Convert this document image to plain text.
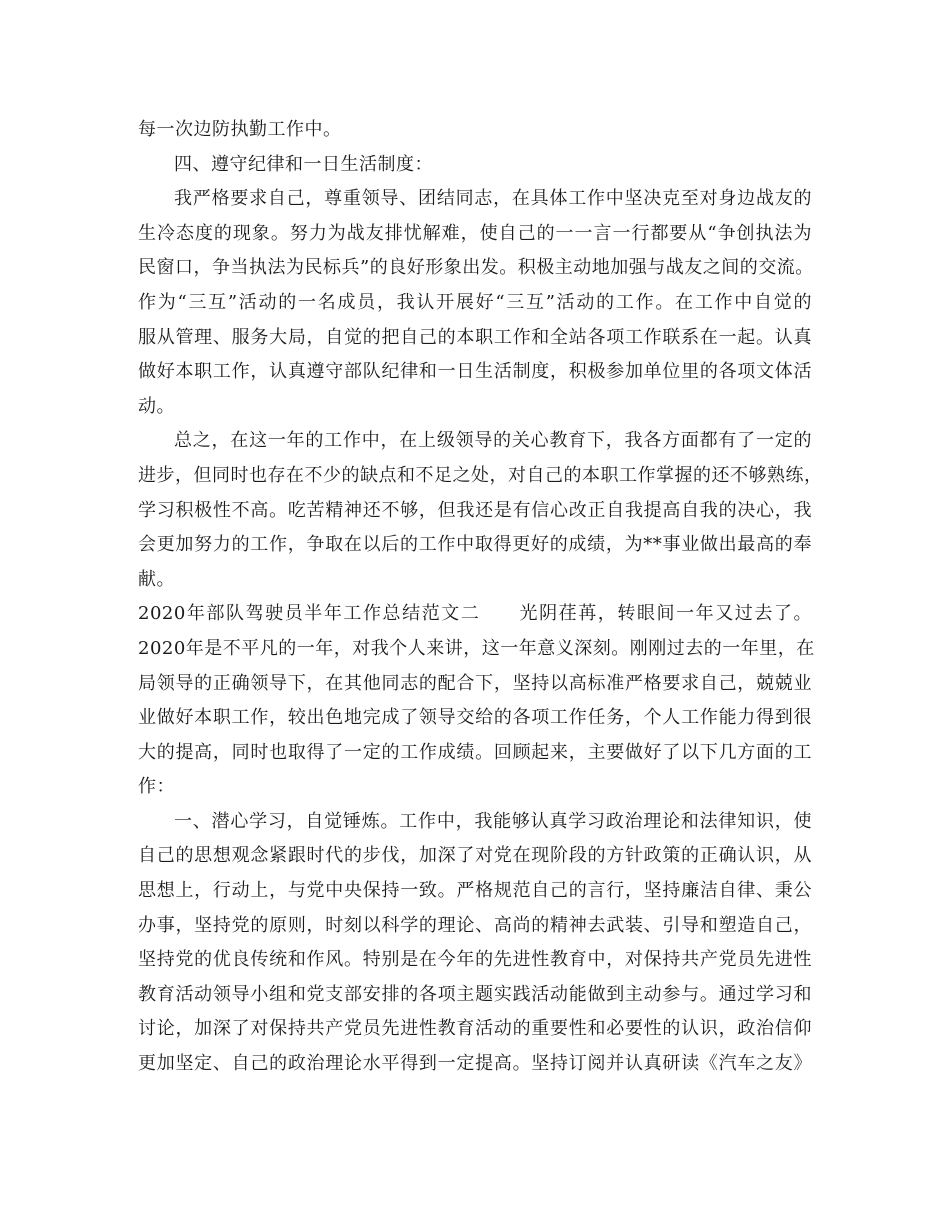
每一次边防执勤工作中。
四、遵守纪律和一日生活制度：
我严格要求自己，尊重领导、团结同志，在具体工作中坚决克至对身边战友的
生冷态度的现象。努力为战友排忧解难，使自己的一一言一行都要从“争创执法为
民窗口，争当执法为民标兵”的良好形象出发。积极主动地加强与战友之间的交流。
作为“三互”活动的一名成员，我认开展好“三互”活动的工作。在工作中自觉的
服从管理、服务大局，自觉的把自己的本职工作和全站各项工作联系在一起。认真
做好本职工作，认真遵守部队纪律和一日生活制度，积极参加单位里的各项文体活
动。
总之，在这一年的工作中，在上级领导的关心教育下，我各方面都有了一定的
进步，但同时也存在不少的缺点和不足之处，对自己的本职工作掌握的还不够熟练，
学习积极性不高。吃苦精神还不够，但我还是有信心改正自我提高自我的决心，我
会更加努力的工作，争取在以后的工作中取得更好的成绩，为**事业做出最高的奉
献。
2020年部队驾驶员半年工作总结范文二　　光阴荏苒，转眼间一年又过去了。
2020年是不平凡的一年，对我个人来讲，这一年意义深刻。刚刚过去的一年里，在
局领导的正确领导下，在其他同志的配合下，坚持以高标准严格要求自己，兢兢业
业做好本职工作，较出色地完成了领导交给的各项工作任务，个人工作能力得到很
大的提高，同时也取得了一定的工作成绩。回顾起来，主要做好了以下几方面的工
作：
一、潜心学习，自觉锤炼。工作中，我能够认真学习政治理论和法律知识，使
自己的思想观念紧跟时代的步伐，加深了对党在现阶段的方针政策的正确认识，从
思想上，行动上，与党中央保持一致。严格规范自己的言行，坚持廉洁自律、秉公
办事，坚持党的原则，时刻以科学的理论、高尚的精神去武装、引导和塑造自己，
坚持党的优良传统和作风。特别是在今年的先进性教育中，对保持共产党员先进性
教育活动领导小组和党支部安排的各项主题实践活动能做到主动参与。通过学习和
讨论，加深了对保持共产党员先进性教育活动的重要性和必要性的认识，政治信仰
更加坚定、自己的政治理论水平得到一定提高。坚持订阅并认真研读《汽车之友》
